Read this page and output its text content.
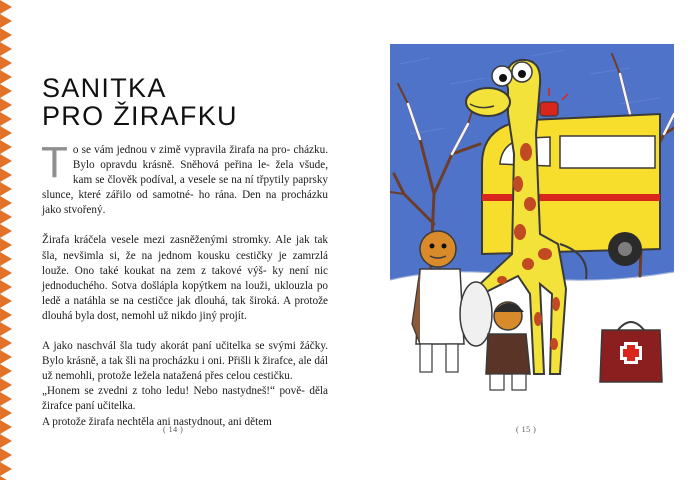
SANITKA
PRO ŽIRAFKU

T o se vám jednou v zimě vypravila žirafa na pro- cházku. Bylo opravdu krásně. Sněhová peřina le- žela všude, kam se člověk podíval, a vesele se na ní třpytily paprsky slunce, které zářilo od samotné- ho rána. Den na procházku jako stvořený.

Žirafa kráčela vesele mezi zasněženými stromky. Ale jak tak šla, nevšimla si, že na jednom kousku cestičky je zamrzlá louže. Ono také koukat na zem z takové výš- ky není nic jednoduchého. Sotva došlápla kopýtkem na louži, uklouzla po ledě a natáhla se na cestičce jak dlouhá, tak široká. A protože dlouhá byla dost, nemohl už nikdo jiný projít.

A jako naschvál šla tudy akorát paní učitelka se svými žáčky. Bylo krásně, a tak šli na procházku i oni. Přišli k žirafce, ale dál už nemohli, protože ležela natažená přes celou cestičku.
„Honem se zvedni z toho ledu! Nebo nastydneš!“ pově- děla žirafce paní učitelka.
A protože žirafa nechtěla ani nastydnout, ani dětem

( 14 )	( 15 )
